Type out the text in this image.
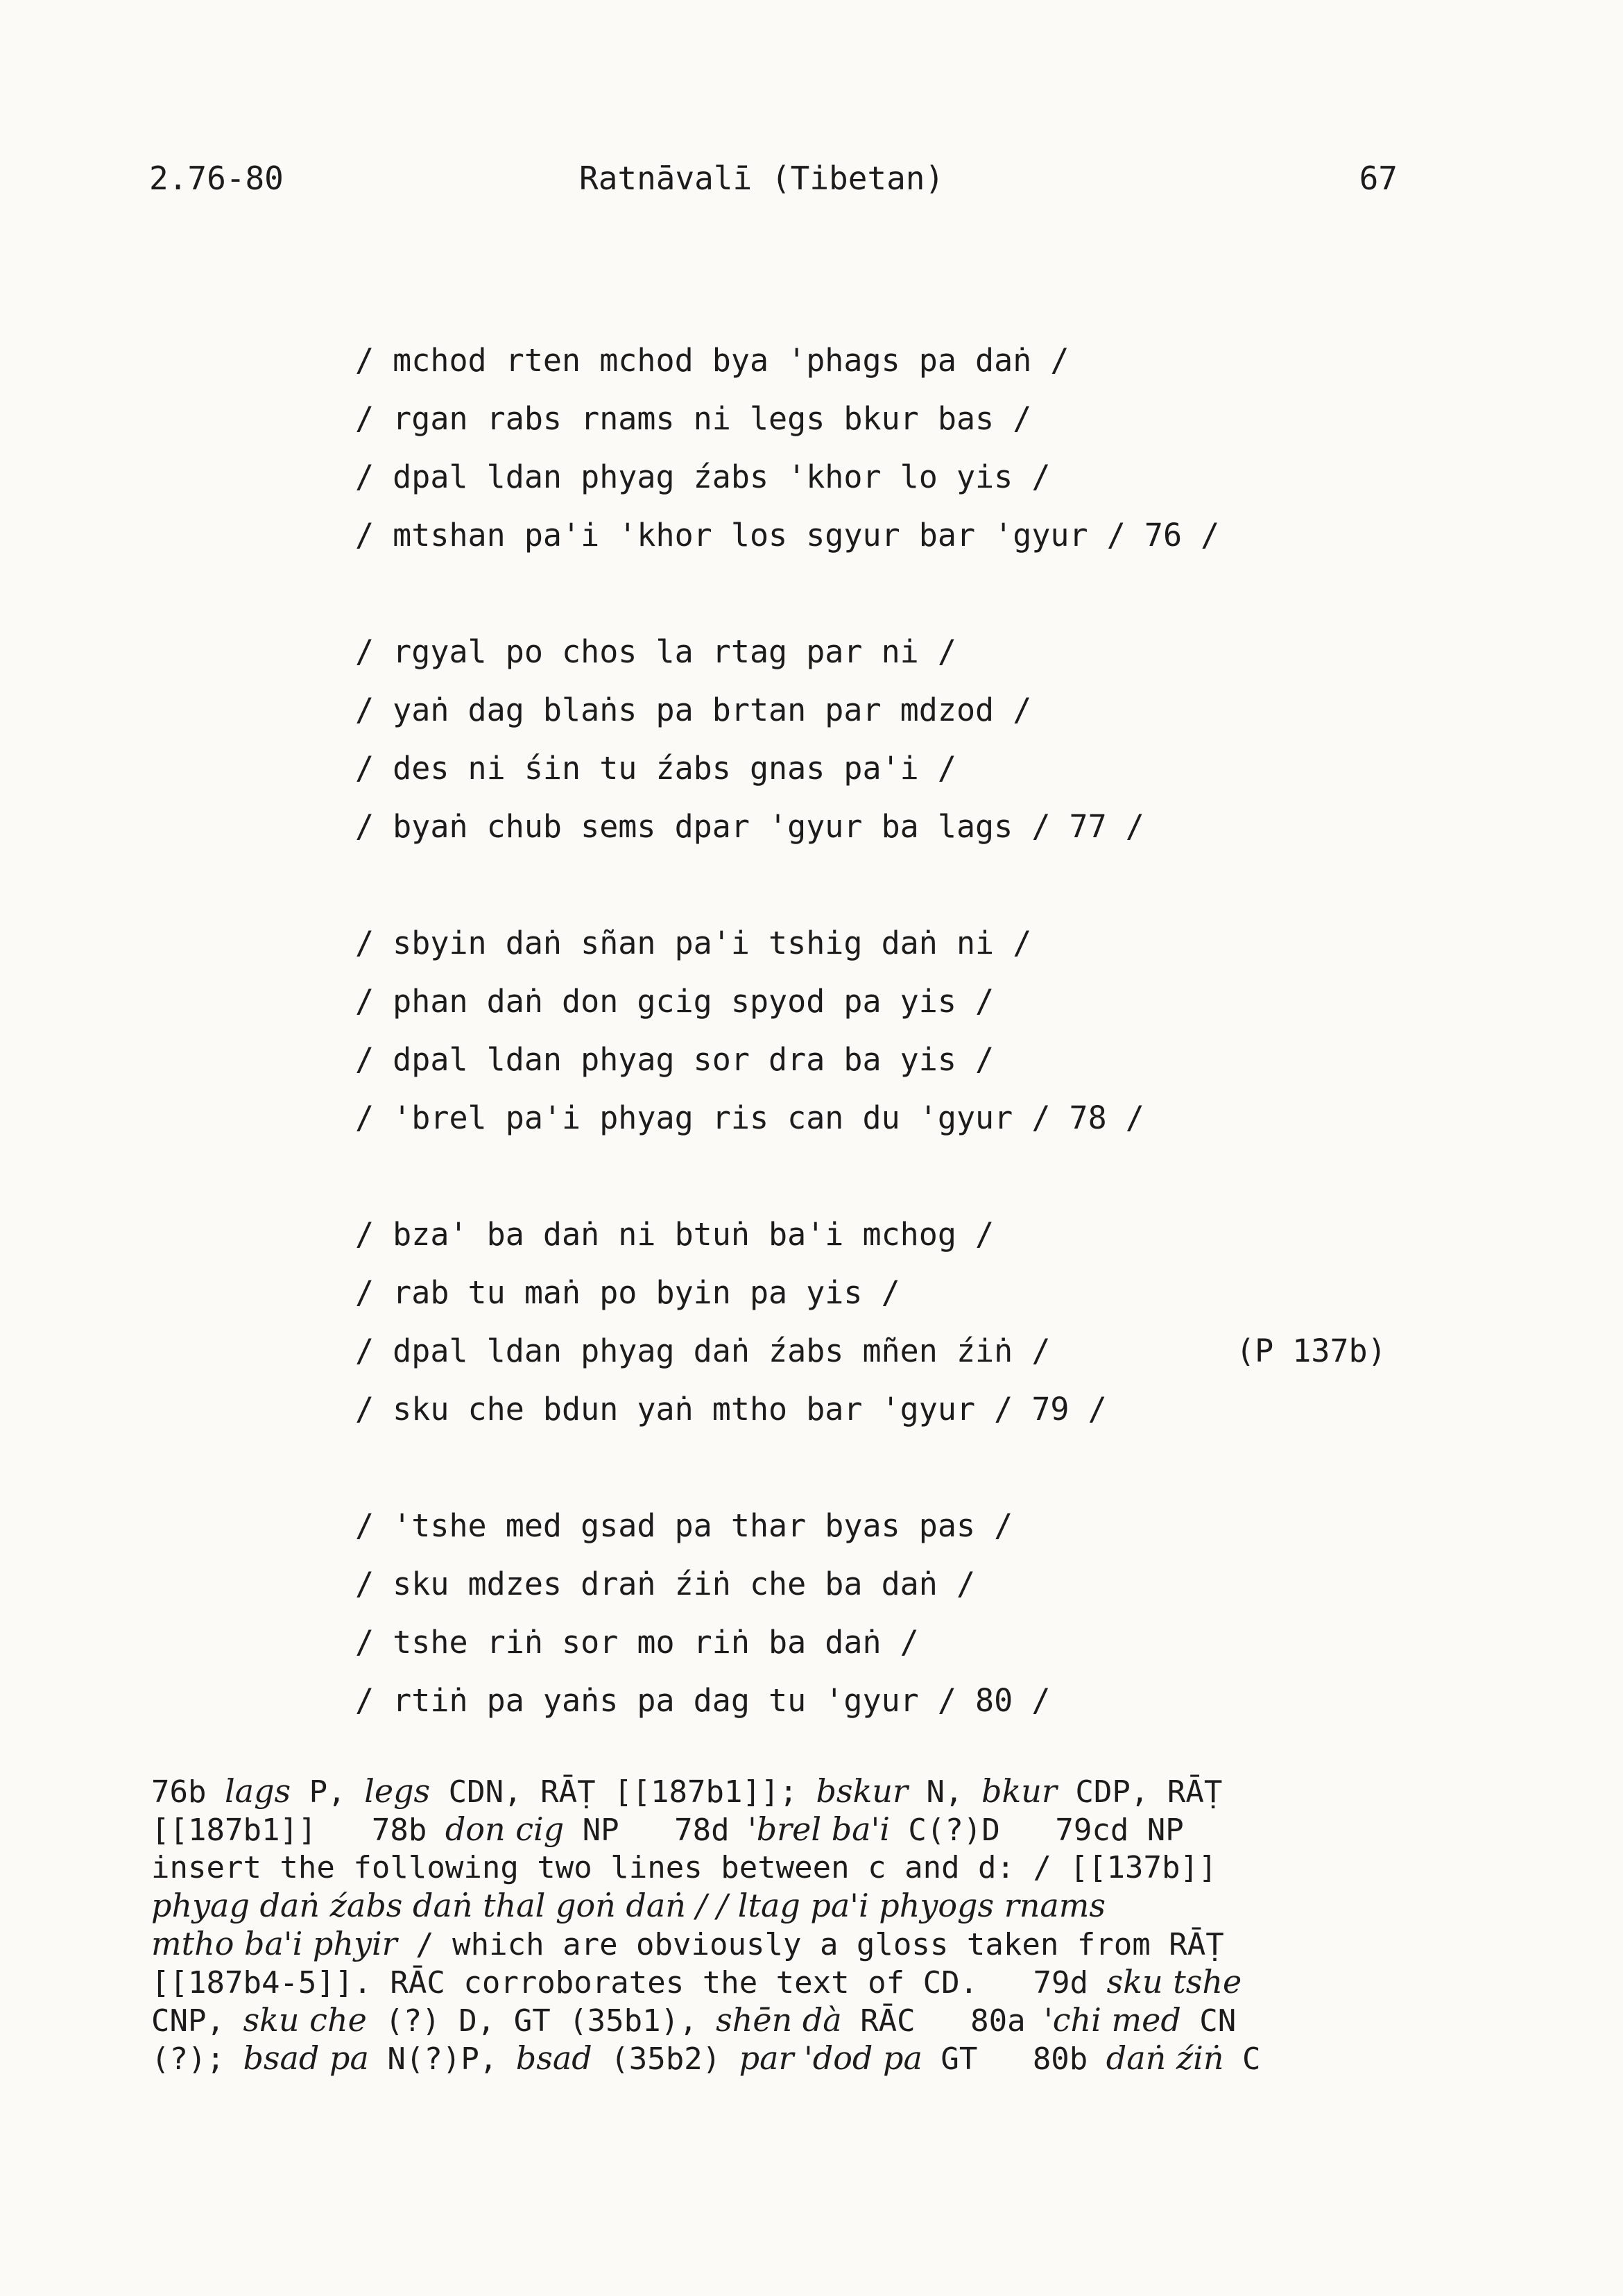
2.76-80	Ratnāvalī (Tibetan)	67
/ mchod rten mchod bya 'phags pa daṅ /
/ rgan rabs rnams ni legs bkur bas /
/ dpal ldan phyag źabs 'khor lo yis /
/ mtshan pa'i 'khor los sgyur bar 'gyur / 76 /
/ rgyal po chos la rtag par ni /
/ yaṅ dag blaṅs pa brtan par mdzod /
/ des ni śin tu źabs gnas pa'i /
/ byaṅ chub sems dpar 'gyur ba lags / 77 /
/ sbyin daṅ sñan pa'i tshig daṅ ni /
/ phan daṅ don gcig spyod pa yis /
/ dpal ldan phyag sor dra ba yis /
/ 'brel pa'i phyag ris can du 'gyur / 78 /
/ bza' ba daṅ ni btuṅ ba'i mchog /
/ rab tu maṅ po byin pa yis /
/ dpal ldan phyag daṅ źabs mñen źiṅ /	(P 137b)
/ sku che bdun yaṅ mtho bar 'gyur / 79 /
/ 'tshe med gsad pa thar byas pas /
/ sku mdzes draṅ źiṅ che ba daṅ /
/ tshe riṅ sor mo riṅ ba daṅ /
/ rtiṅ pa yaṅs pa dag tu 'gyur / 80 /
76b lags P, legs CDN, RĀṬ [[187b1]]; bskur N, bkur CDP, RĀṬ
[[187b1]]   78b don cig NP   78d 'brel ba'i C(?)D   79cd NP
insert the following two lines between c and d: / [[137b]]
phyag daṅ źabs daṅ thal goṅ daṅ / / ltag pa'i phyogs rnams
mtho ba'i phyir / which are obviously a gloss taken from RĀṬ
[[187b4-5]]. RĀC corroborates the text of CD.   79d sku tshe
CNP, sku che (?) D, GT (35b1), shēn dà RĀC   80a 'chi med CN
(?); bsad pa N(?)P, bsad (35b2) par 'dod pa GT   80b daṅ źiṅ C
